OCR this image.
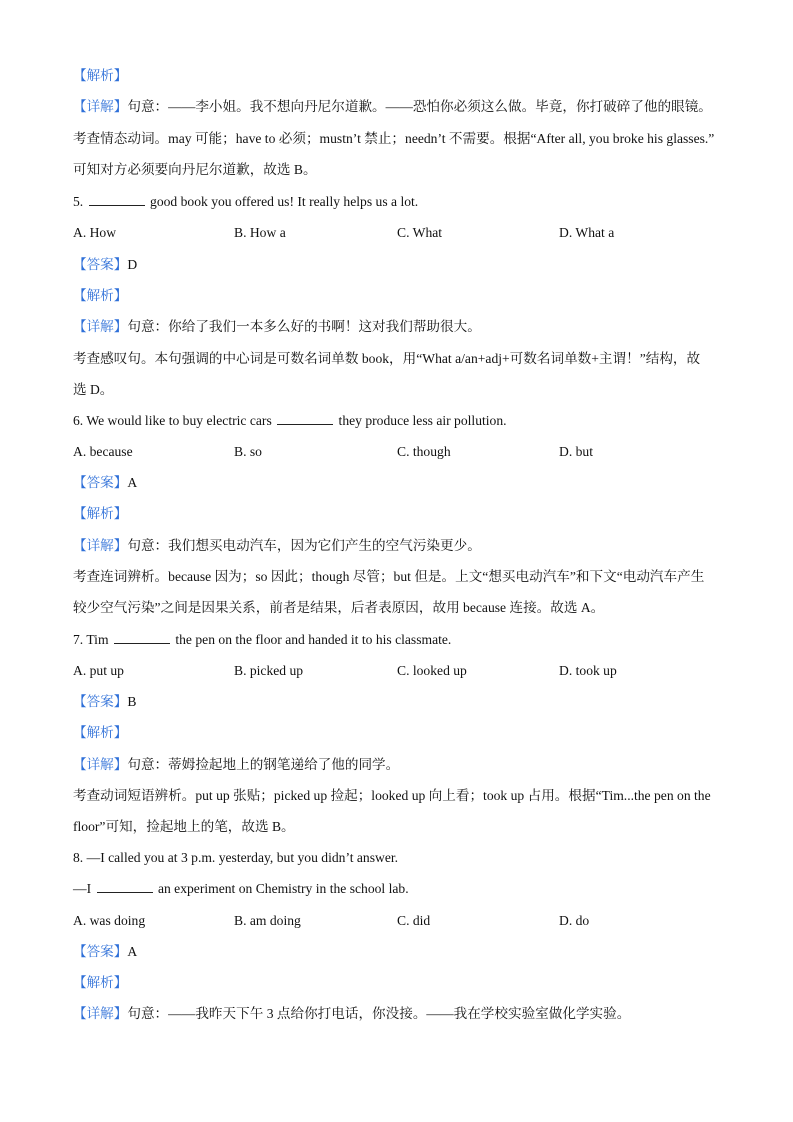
【解析】
【详解】句意：——李小姐。我不想向丹尼尔道歉。——恐怕你必须这么做。毕竟，你打破碎了他的眼镜。
考查情态动词。may 可能；have to 必须；mustn’t 禁止；needn’t 不需要。根据“After all, you broke his glasses.”
可知对方必须要向丹尼尔道歉，故选 B。
5.	good book you offered us! It really helps us a lot.
A. How	B. How a	C. What	D. What a
【答案】D
【解析】
【详解】句意：你给了我们一本多么好的书啊！这对我们帮助很大。
考查感叹句。本句强调的中心词是可数名词单数 book，用“What a/an+adj+可数名词单数+主谓！”结构，故
选 D。
6. We would like to buy electric cars	they produce less air pollution.
A. because	B. so	C. though	D. but
【答案】A
【解析】
【详解】句意：我们想买电动汽车，因为它们产生的空气污染更少。
考查连词辨析。because 因为；so 因此；though 尽管；but 但是。上文“想买电动汽车”和下文“电动汽车产生
较少空气污染”之间是因果关系，前者是结果，后者表原因，故用 because 连接。故选 A。
7. Tim	the pen on the floor and handed it to his classmate.
A. put up	B. picked up	C. looked up	D. took up
【答案】B
【解析】
【详解】句意：蒂姆捡起地上的钢笔递给了他的同学。
考查动词短语辨析。put up 张贴；picked up 捡起；looked up 向上看；took up 占用。根据“Tim...the pen on the
floor”可知，捡起地上的笔，故选 B。
8. —I called you at 3 p.m. yesterday, but you didn’t answer.
—I	an experiment on Chemistry in the school lab.
A. was doing	B. am doing	C. did	D. do
【答案】A
【解析】
【详解】句意：——我昨天下午 3 点给你打电话，你没接。——我在学校实验室做化学实验。
